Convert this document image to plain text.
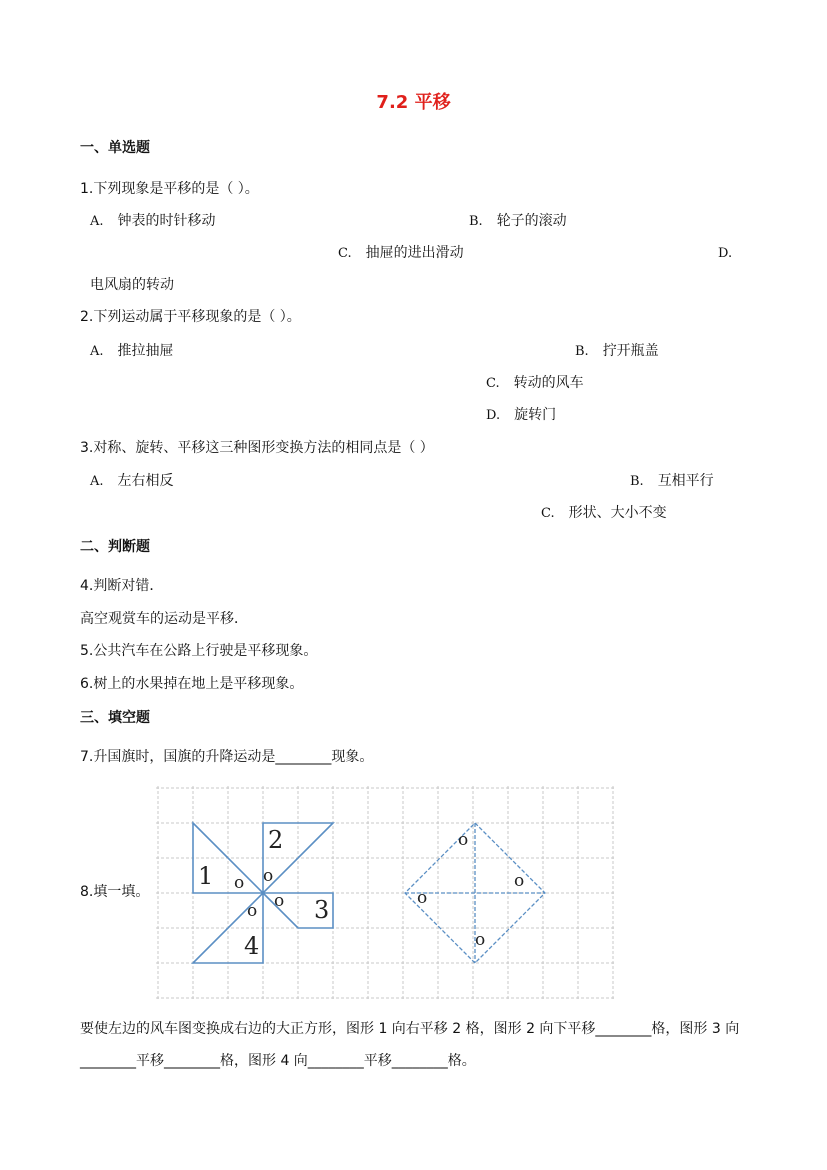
7.2 平移
一、单选题
1.下列现象是平移的是（ ）。
A. 钟表的时针移动	B. 轮子的滚动
C. 抽屉的进出滑动	D.
电风扇的转动
2.下列运动属于平移现象的是（ ）。
A. 推拉抽屉	B. 拧开瓶盖
C. 转动的风车
D. 旋转门
3.对称、旋转、平移这三种图形变换方法的相同点是（ ）
A. 左右相反	B. 互相平行
C. 形状、大小不变
二、判断题
4.判断对错．
高空观赏车的运动是平移．
5.公共汽车在公路上行驶是平移现象。
6.树上的水果掉在地上是平移现象。
三、填空题
7.升国旗时，国旗的升降运动是________现象。
8.填一填。
1
2
3
4
o o
o
o
o
o
o
o
要使左边的风车图变换成右边的大正方形，图形 1 向右平移 2 格，图形 2 向下平移________格，图形 3 向
________平移________格，图形 4 向________平移________格。
